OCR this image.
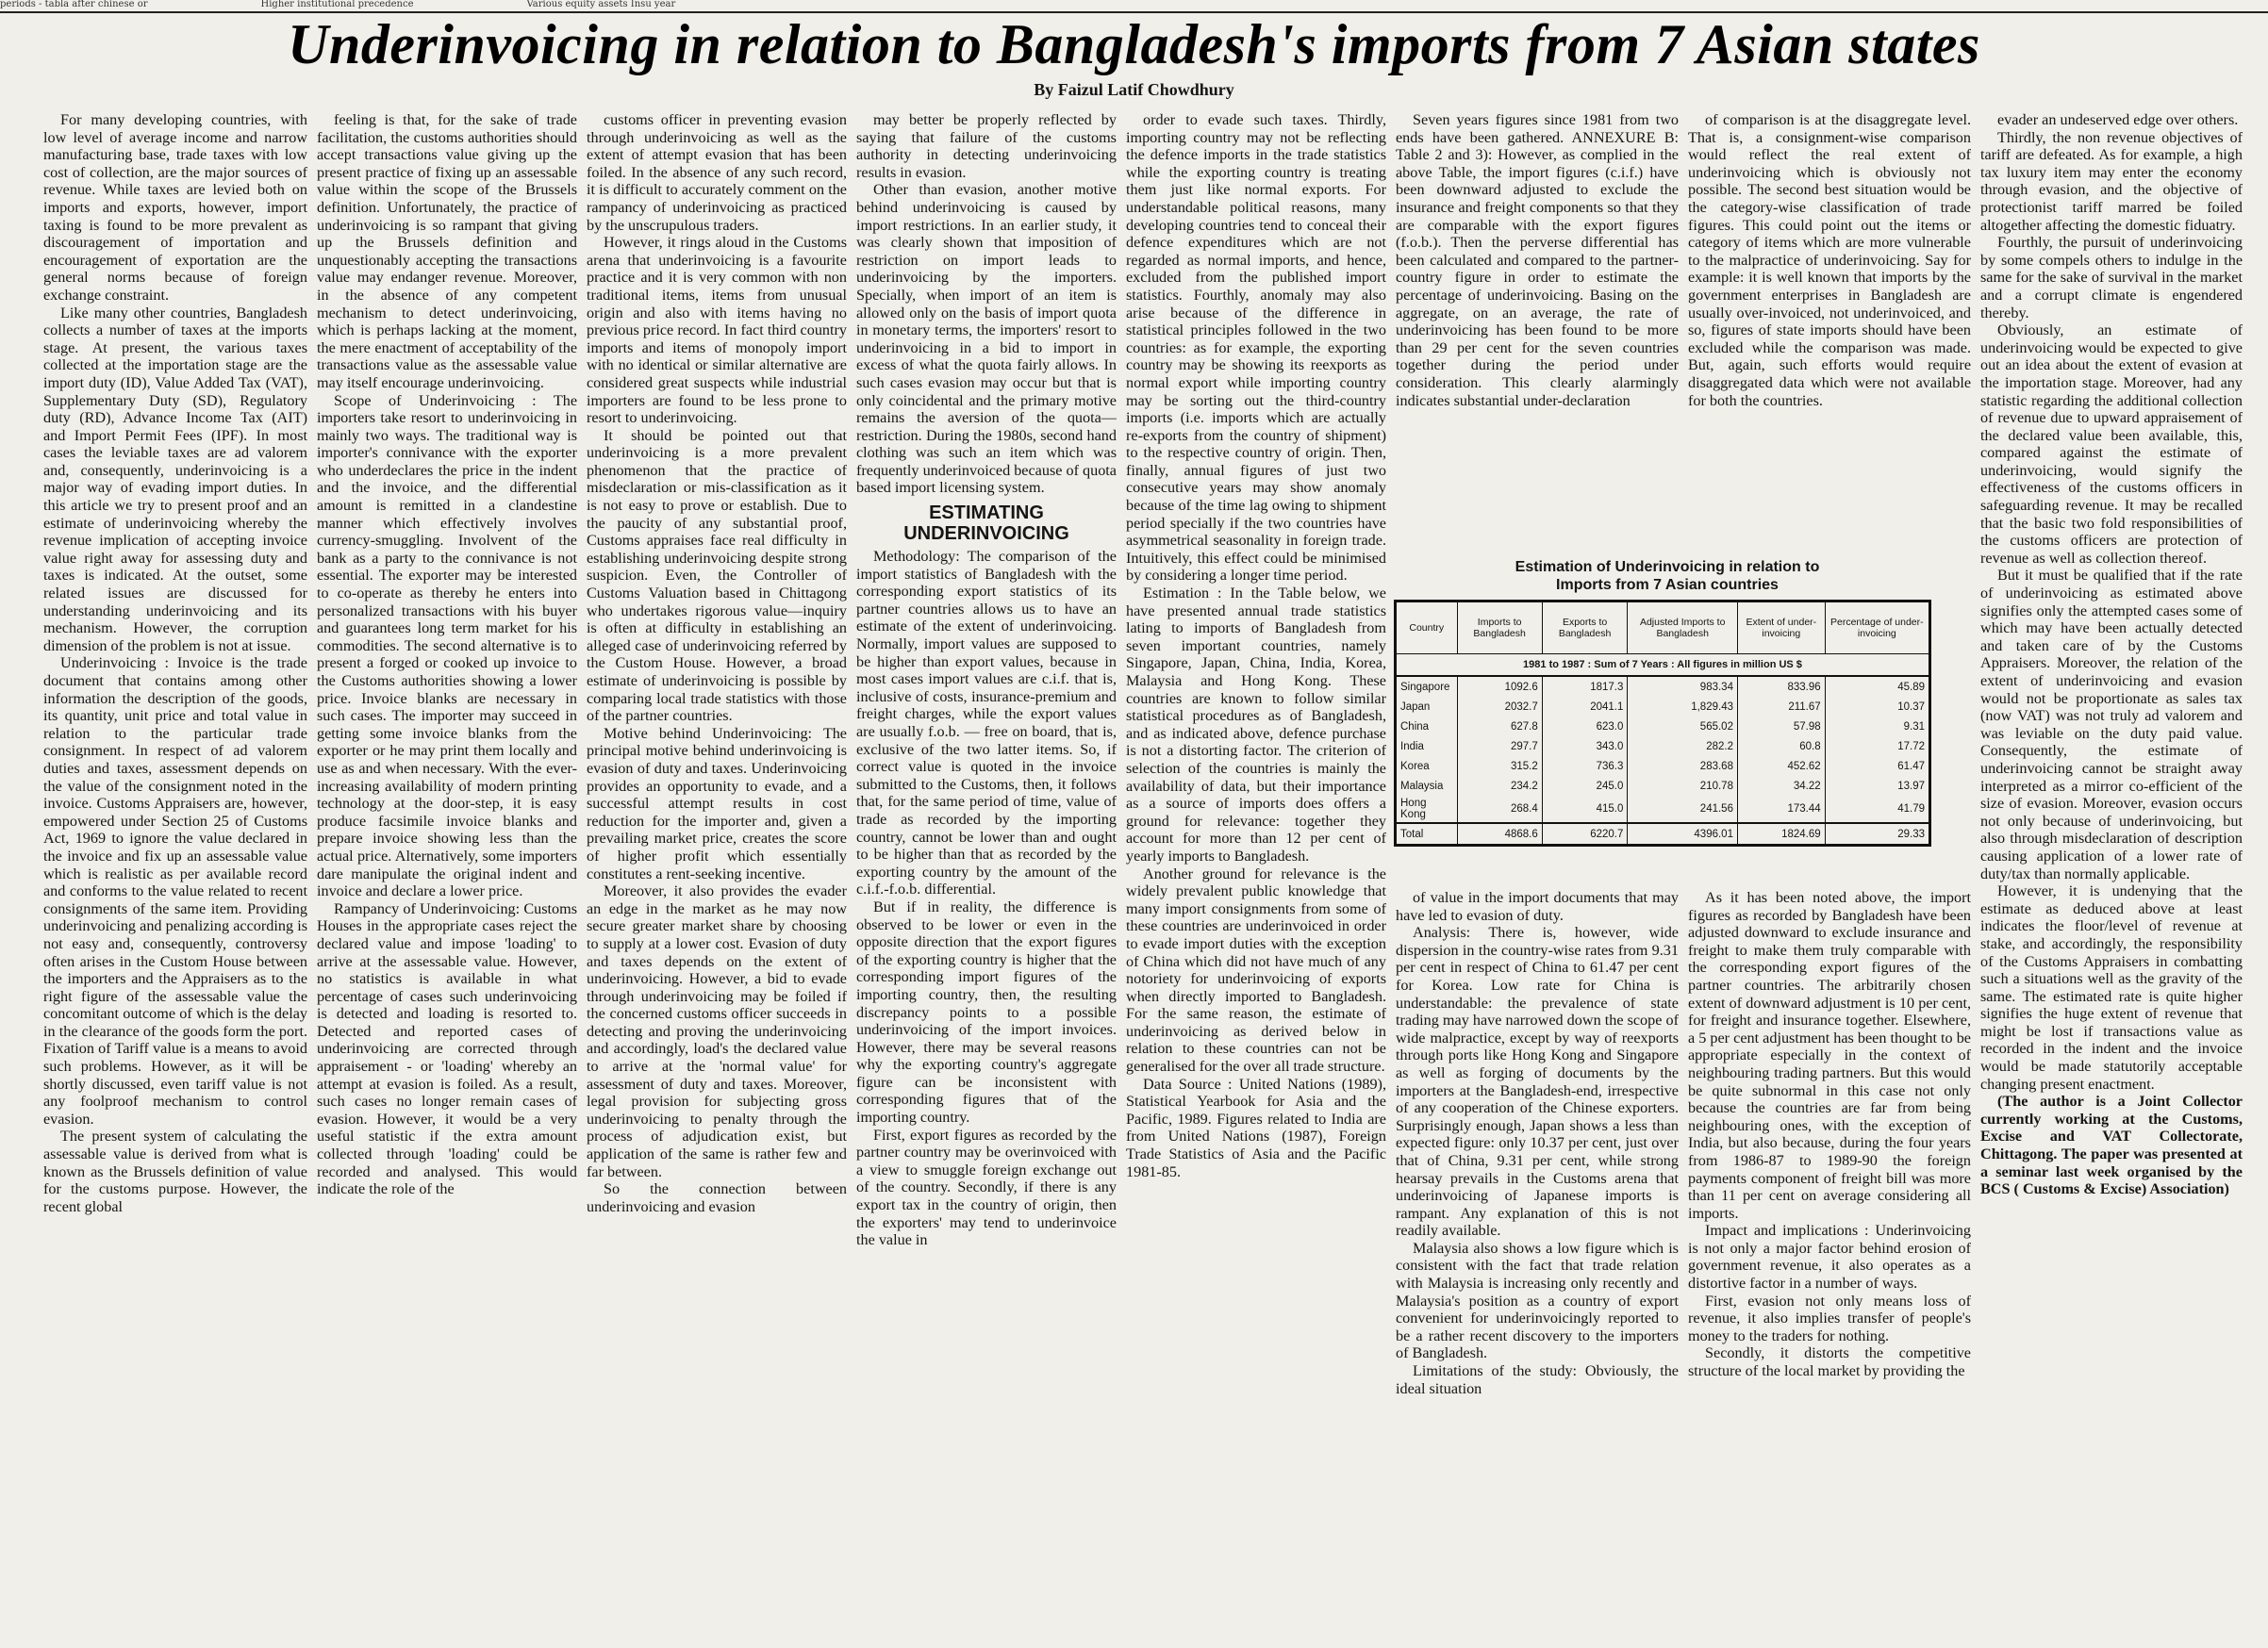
periods - tabla after chinese or	Higher institutional precedence	Various equity assets Insu year
Underinvoicing in relation to Bangladesh's imports from 7 Asian states
By Faizul Latif Chowdhury

For many developing countries, with low level of average income and narrow manufacturing base, trade taxes with low cost of collection, are the major sources of revenue. While taxes are levied both on imports and exports, however, import taxing is found to be more prevalent as discouragement of importation and encouragement of exportation are the general norms because of foreign exchange constraint.

Like many other countries, Bangladesh collects a number of taxes at the imports stage. At present, the various taxes collected at the importation stage are the import duty (ID), Value Added Tax (VAT), Supplementary Duty (SD), Regulatory duty (RD), Advance Income Tax (AIT) and Import Permit Fees (IPF). In most cases the leviable taxes are ad valorem and, consequently, underinvoicing is a major way of evading import duties. In this article we try to present proof and an estimate of underinvoicing whereby the revenue implication of accepting invoice value right away for assessing duty and taxes is indicated. At the outset, some related issues are discussed for understanding underinvoicing and its mechanism. However, the corruption dimension of the problem is not at issue.

Underinvoicing : Invoice is the trade document that contains among other information the description of the goods, its quantity, unit price and total value in relation to the particular trade consignment. In respect of ad valorem duties and taxes, assessment depends on the value of the consignment noted in the invoice. Customs Appraisers are, however, empowered under Section 25 of Customs Act, 1969 to ignore the value declared in the invoice and fix up an assessable value which is realistic as per available record and conforms to the value related to recent consignments of the same item. Providing underinvoicing and penalizing according is not easy and, consequently, controversy often arises in the Custom House between the importers and the Appraisers as to the right figure of the assessable value the concomitant outcome of which is the delay in the clearance of the goods form the port. Fixation of Tariff value is a means to avoid such problems. However, as it will be shortly discussed, even tariff value is not any foolproof mechanism to control evasion.

The present system of calculating the assessable value is derived from what is known as the Brussels definition of value for the customs purpose. However, the recent global

feeling is that, for the sake of trade facilitation, the customs authorities should accept transactions value giving up the present practice of fixing up an assessable value within the scope of the Brussels definition. Unfortunately, the practice of underinvoicing is so rampant that giving up the Brussels definition and unquestionably accepting the transactions value may endanger revenue. Moreover, in the absence of any competent mechanism to detect underinvoicing, which is perhaps lacking at the moment, the mere enactment of acceptability of the transactions value as the assessable value may itself encourage underinvoicing.

Scope of Underinvoicing : The importers take resort to underinvoicing in mainly two ways. The traditional way is importer's connivance with the exporter who underdeclares the price in the indent and the invoice, and the differential amount is remitted in a clandestine manner which effectively involves currency-smuggling. Involvent of the bank as a party to the connivance is not essential. The exporter may be interested to co-operate as thereby he enters into personalized transactions with his buyer and guarantees long term market for his commodities. The second alternative is to present a forged or cooked up invoice to the Customs authorities showing a lower price. Invoice blanks are necessary in such cases. The importer may succeed in getting some invoice blanks from the exporter or he may print them locally and use as and when necessary. With the ever-increasing availability of modern printing technology at the door-step, it is easy produce facsimile invoice blanks and prepare invoice showing less than the actual price. Alternatively, some importers dare manipulate the original indent and invoice and declare a lower price.

Rampancy of Underinvoicing: Customs Houses in the appropriate cases reject the declared value and impose 'loading' to arrive at the assessable value. However, no statistics is available in what percentage of cases such underinvoicing is detected and loading is resorted to. Detected and reported cases of underinvoicing are corrected through appraisement - or 'loading' whereby an attempt at evasion is foiled. As a result, such cases no longer remain cases of evasion. However, it would be a very useful statistic if the extra amount collected through 'loading' could be recorded and analysed. This would indicate the role of the

customs officer in preventing evasion through underinvoicing as well as the extent of attempt evasion that has been foiled. In the absence of any such record, it is difficult to accurately comment on the rampancy of underinvoicing as practiced by the unscrupulous traders.

However, it rings aloud in the Customs arena that underinvoicing is a favourite practice and it is very common with non traditional items, items from unusual origin and also with items having no previous price record. In fact third country imports and items of monopoly import with no identical or similar alternative are considered great suspects while industrial importers are found to be less prone to resort to underinvoicing.

It should be pointed out that underinvoicing is a more prevalent phenomenon that the practice of misdeclaration or mis-classification as it is not easy to prove or establish. Due to the paucity of any substantial proof, Customs appraises face real difficulty in establishing underinvoicing despite strong suspicion. Even, the Controller of Customs Valuation based in Chittagong who undertakes rigorous value—inquiry is often at difficulty in establishing an alleged case of underinvoicing referred by the Custom House. However, a broad estimate of underinvoicing is possible by comparing local trade statistics with those of the partner countries.

Motive behind Underinvoicing: The principal motive behind underinvoicing is evasion of duty and taxes. Underinvoicing provides an opportunity to evade, and a successful attempt results in cost reduction for the importer and, given a prevailing market price, creates the score of higher profit which essentially constitutes a rent-seeking incentive.

Moreover, it also provides the evader an edge in the market as he may now secure greater market share by choosing to supply at a lower cost. Evasion of duty and taxes depends on the extent of underinvoicing. However, a bid to evade through underinvoicing may be foiled if the concerned customs officer succeeds in detecting and proving the underinvoicing and accordingly, load's the declared value to arrive at the 'normal value' for assessment of duty and taxes. Moreover, legal provision for subjecting gross underinvoicing to penalty through the process of adjudication exist, but application of the same is rather few and far between.

So the connection between underinvoicing and evasion

may better be properly reflected by saying that failure of the customs authority in detecting underinvoicing results in evasion.

Other than evasion, another motive behind underinvoicing is caused by import restrictions. In an earlier study, it was clearly shown that imposition of restriction on import leads to underinvoicing by the importers. Specially, when import of an item is allowed only on the basis of import quota in monetary terms, the importers' resort to underinvoicing in a bid to import in excess of what the quota fairly allows. In such cases evasion may occur but that is only coincidental and the primary motive remains the aversion of the quota—restriction. During the 1980s, second hand clothing was such an item which was frequently underinvoiced because of quota based import licensing system.

ESTIMATING UNDERINVOICING

Methodology: The comparison of the import statistics of Bangladesh with the corresponding export statistics of its partner countries allows us to have an estimate of the extent of underinvoicing. Normally, import values are supposed to be higher than export values, because in most cases import values are c.i.f. that is, inclusive of costs, insurance-premium and freight charges, while the export values are usually f.o.b. — free on board, that is, exclusive of the two latter items. So, if correct value is quoted in the invoice submitted to the Customs, then, it follows that, for the same period of time, value of trade as recorded by the importing country, cannot be lower than and ought to be higher than that as recorded by the exporting country by the amount of the c.i.f.-f.o.b. differential.

But if in reality, the difference is observed to be lower or even in the opposite direction that the export figures of the exporting country is higher that the corresponding import figures of the importing country, then, the resulting discrepancy points to a possible underinvoicing of the import invoices. However, there may be several reasons why the exporting country's aggregate figure can be inconsistent with corresponding figures that of the importing country.

First, export figures as recorded by the partner country may be overinvoiced with a view to smuggle foreign exchange out of the country. Secondly, if there is any export tax in the country of origin, then the exporters' may tend to underinvoice the value in

order to evade such taxes. Thirdly, importing country may not be reflecting the defence imports in the trade statistics while the exporting country is treating them just like normal exports. For understandable political reasons, many developing countries tend to conceal their defence expenditures which are not regarded as normal imports, and hence, excluded from the published import statistics. Fourthly, anomaly may also arise because of the difference in statistical principles followed in the two countries: as for example, the exporting country may be showing its reexports as normal export while importing country may be sorting out the third-country imports (i.e. imports which are actually re-exports from the country of shipment) to the respective country of origin. Then, finally, annual figures of just two consecutive years may show anomaly because of the time lag owing to shipment period specially if the two countries have asymmetrical seasonality in foreign trade. Intuitively, this effect could be minimised by considering a longer time period.

Estimation : In the Table below, we have presented annual trade statistics lating to imports of Bangladesh from seven important countries, namely Singapore, Japan, China, India, Korea, Malaysia and Hong Kong. These countries are known to follow similar statistical procedures as of Bangladesh, and as indicated above, defence purchase is not a distorting factor. The criterion of selection of the countries is mainly the availability of data, but their importance as a source of imports does offers a ground for relevance: together they account for more than 12 per cent of yearly imports to Bangladesh.

Another ground for relevance is the widely prevalent public knowledge that many import consignments from some of these countries are underinvoiced in order to evade import duties with the exception of China which did not have much of any notoriety for underinvoicing of exports when directly imported to Bangladesh. For the same reason, the estimate of underinvoicing as derived below in relation to these countries can not be generalised for the over all trade structure.

Data Source : United Nations (1989), Statistical Yearbook for Asia and the Pacific, 1989. Figures related to India are from United Nations (1987), Foreign Trade Statistics of Asia and the Pacific 1981-85.

Seven years figures since 1981 from two ends have been gathered. ANNEXURE B: Table 2 and 3): However, as complied in the above Table, the import figures (c.i.f.) have been downward adjusted to exclude the insurance and freight components so that they are comparable with the export figures (f.o.b.). Then the perverse differential has been calculated and compared to the partner-country figure in order to estimate the percentage of underinvoicing. Basing on the aggregate, on an average, the rate of underinvoicing has been found to be more than 29 per cent for the seven countries together during the period under consideration. This clearly alarmingly indicates substantial under-declaration

of comparison is at the disaggregate level. That is, a consignment-wise comparison would reflect the real extent of underinvoicing which is obviously not possible. The second best situation would be the category-wise classification of trade figures. This could point out the items or category of items which are more vulnerable to the malpractice of underinvoicing. Say for example: it is well known that imports by the government enterprises in Bangladesh are usually over-invoiced, not underinvoiced, and so, figures of state imports should have been excluded while the comparison was made. But, again, such efforts would require disaggregated data which were not available for both the countries.

evader an undeserved edge over others.

Thirdly, the non revenue objectives of tariff are defeated. As for example, a high tax luxury item may enter the economy through evasion, and the objective of protectionist tariff marred be foiled altogether affecting the domestic fiduatry.

Fourthly, the pursuit of underinvoicing by some compels others to indulge in the same for the sake of survival in the market and a corrupt climate is engendered thereby.

Obviously, an estimate of underinvoicing would be expected to give out an idea about the extent of evasion at the importation stage. Moreover, had any statistic regarding the additional collection of revenue due to upward appraisement of the declared value been available, this, compared against the estimate of underinvoicing, would signify the effectiveness of the customs officers in safeguarding revenue. It may be recalled that the basic two fold responsibilities of the customs officers are protection of revenue as well as collection thereof.

But it must be qualified that if the rate of underinvoicing as estimated above signifies only the attempted cases some of which may have been actually detected and taken care of by the Customs Appraisers. Moreover, the relation of the extent of underinvoicing and evasion would not be proportionate as sales tax (now VAT) was not truly ad valorem and was leviable on the duty paid value. Consequently, the estimate of underinvoicing cannot be straight away interpreted as a mirror co-efficient of the size of evasion. Moreover, evasion occurs not only because of underinvoicing, but also through misdeclaration of description causing application of a lower rate of duty/tax than normally applicable.

However, it is undenying that the estimate as deduced above at least indicates the floor/level of revenue at stake, and accordingly, the responsibility of the Customs Appraisers in combatting such a situations well as the gravity of the same. The estimated rate is quite higher signifies the huge extent of revenue that might be lost if transactions value as recorded in the indent and the invoice would be made statutorily acceptable changing present enactment.

(The author is a Joint Collector currently working at the Customs, Excise and VAT Collectorate, Chittagong. The paper was presented at a seminar last week organised by the BCS ( Customs & Excise) Association)

of value in the import documents that may have led to evasion of duty.

Analysis: There is, however, wide dispersion in the country-wise rates from 9.31 per cent in respect of China to 61.47 per cent for Korea. Low rate for China is understandable: the prevalence of state trading may have narrowed down the scope of wide malpractice, except by way of reexports through ports like Hong Kong and Singapore as well as forging of documents by the importers at the Bangladesh-end, irrespective of any cooperation of the Chinese exporters. Surprisingly enough, Japan shows a less than expected figure: only 10.37 per cent, just over that of China, 9.31 per cent, while strong hearsay prevails in the Customs arena that underinvoicing of Japanese imports is rampant. Any explanation of this is not readily available.

Malaysia also shows a low figure which is consistent with the fact that trade relation with Malaysia is increasing only recently and Malaysia's position as a country of export convenient for underinvoicingly reported to be a rather recent discovery to the importers of Bangladesh.

Limitations of the study: Obviously, the ideal situation

As it has been noted above, the import figures as recorded by Bangladesh have been adjusted downward to exclude insurance and freight to make them truly comparable with the corresponding export figures of the partner countries. The arbitrarily chosen extent of downward adjustment is 10 per cent, for freight and insurance together. Elsewhere, a 5 per cent adjustment has been thought to be appropriate especially in the context of neighbouring trading partners. But this would be quite subnormal in this case not only because the countries are far from being neighbouring ones, with the exception of India, but also because, during the four years from 1986-87 to 1989-90 the foreign payments component of freight bill was more than 11 per cent on average considering all imports.

Impact and implications : Underinvoicing is not only a major factor behind erosion of government revenue, it also operates as a distortive factor in a number of ways.

First, evasion not only means loss of revenue, it also implies transfer of people's money to the traders for nothing.

Secondly, it distorts the competitive structure of the local market by providing the

Estimation of Underinvoicing in relation to
Imports from 7 Asian countries
Country	Imports to Bangladesh	Exports to Bangladesh	Adjusted Imports to Bangladesh	Extent of under-invoicing	Percentage of under-invoicing
1981 to 1987 : Sum of 7 Years : All figures in million US $					
Singapore	1092.6	1817.3	983.34	833.96	45.89
Japan	2032.7	2041.1	1,829.43	211.67	10.37
China	627.8	623.0	565.02	57.98	9.31
India	297.7	343.0	282.2	60.8	17.72
Korea	315.2	736.3	283.68	452.62	61.47
Malaysia	234.2	245.0	210.78	34.22	13.97
Hong Kong	268.4	415.0	241.56	173.44	41.79
Total	4868.6	6220.7	4396.01	1824.69	29.33
